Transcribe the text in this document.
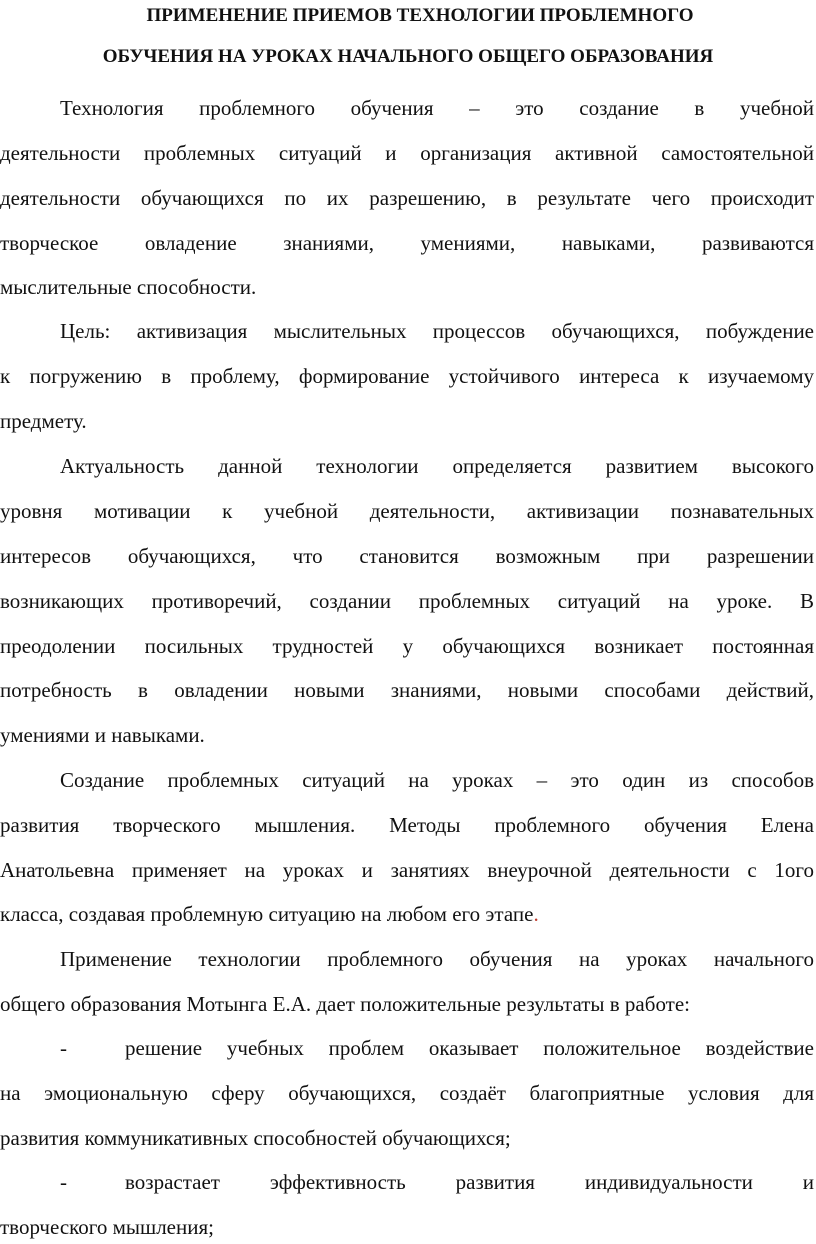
ПРИМЕНЕНИЕ ПРИЕМОВ ТЕХНОЛОГИИ ПРОБЛЕМНОГО
ОБУЧЕНИЯ НА УРОКАХ НАЧАЛЬНОГО ОБЩЕГО ОБРАЗОВАНИЯ
Технология проблемного обучения – это создание в учебной
деятельности проблемных ситуаций и организация активной самостоятельной
деятельности обучающихся по их разрешению, в результате чего происходит
творческое овладение знаниями, умениями, навыками, развиваются
мыслительные способности.
Цель: активизация мыслительных процессов обучающихся, побуждение
к погружению в проблему, формирование устойчивого интереса к изучаемому
предмету.
Актуальность данной технологии определяется развитием высокого
уровня мотивации к учебной деятельности, активизации познавательных
интересов обучающихся, что становится возможным при разрешении
возникающих противоречий, создании проблемных ситуаций на уроке. В
преодолении посильных трудностей у обучающихся возникает постоянная
потребность в овладении новыми знаниями, новыми способами действий,
умениями и навыками.
Создание проблемных ситуаций на уроках – это один из способов
развития творческого мышления. Методы проблемного обучения Елена
Анатольевна применяет на уроках и занятиях внеурочной деятельности с 1ого
класса, создавая проблемную ситуацию на любом его этапе.
Применение технологии проблемного обучения на уроках начального
общего образования Мотынга Е.А. дает положительные результаты в работе:
-	решение учебных проблем оказывает положительное воздействие
на эмоциональную сферу обучающихся, создаёт благоприятные условия для
развития коммуникативных способностей обучающихся;
-	возрастает эффективность развития индивидуальности и
творческого мышления;
